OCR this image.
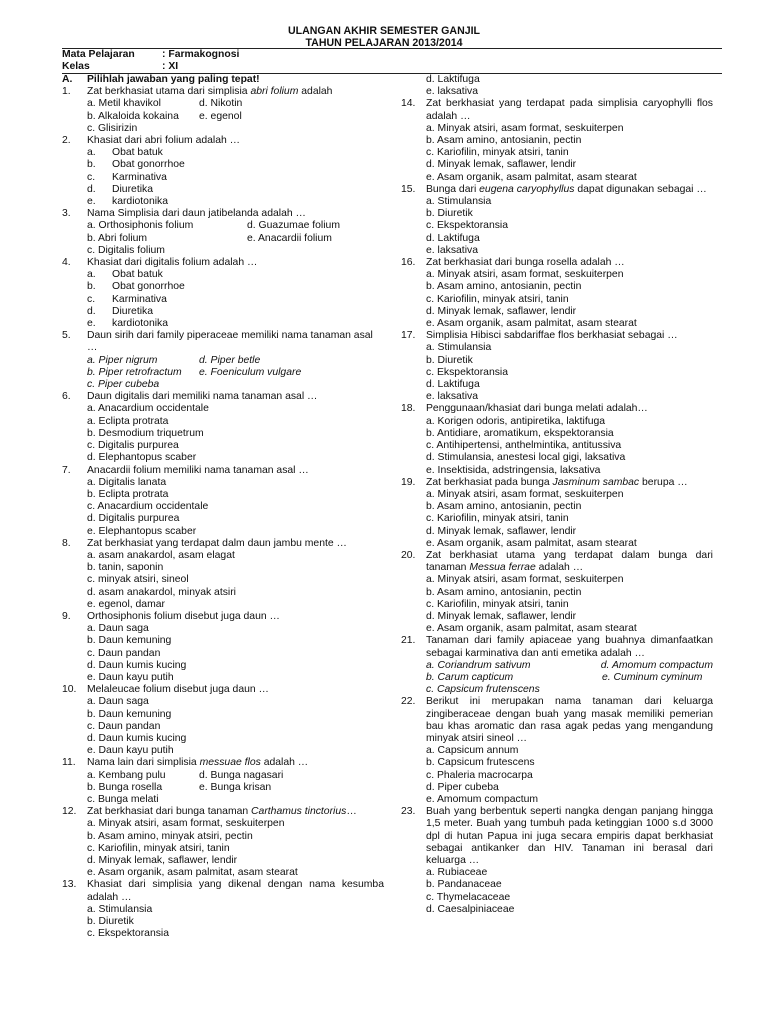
ULANGAN AKHIR SEMESTER GANJIL
TAHUN PELAJARAN 2013/2014
Mata Pelajaran	: Farmakognosi
Kelas	: XI
A. Pilihlah jawaban yang paling tepat!
1. Zat berkhasiat utama dari simplisia abri folium adalah
a. Metil khavikol	d. Nikotin
b. Alkaloida kokaina	e. egenol
c. Glisirizin
2. Khasiat dari abri folium adalah …
a. Obat batuk
b. Obat gonorrhoe
c. Karminativa
d. Diuretika
e. kardiotonika
3. Nama Simplisia dari daun jatibelanda adalah …
a. Orthosiphonis folium	d. Guazumae folium
b. Abri folium	e. Anacardii folium
c. Digitalis folium
4. Khasiat dari digitalis folium adalah …
a. Obat batuk
b. Obat gonorrhoe
c. Karminativa
d. Diuretika
e. kardiotonika
5. Daun sirih dari family piperaceae memiliki nama tanaman asal …
a. Piper nigrum	d. Piper betle
b. Piper retrofractum	e. Foeniculum vulgare
c. Piper cubeba
6. Daun digitalis dari memiliki nama tanaman asal …
a. Anacardium occidentale
a. Eclipta protrata
b. Desmodium triquetrum
c. Digitalis purpurea
d. Elephantopus scaber
7. Anacardii folium memiliki nama tanaman asal …
a. Digitalis lanata
b. Eclipta protrata
c. Anacardium occidentale
d. Digitalis purpurea
e. Elephantopus scaber
8. Zat berkhasiat yang terdapat dalm daun jambu mente …
a. asam anakardol, asam elagat
b. tanin, saponin
c. minyak atsiri, sineol
d. asam anakardol, minyak atsiri
e. egenol, damar
9. Orthosiphonis folium disebut juga daun …
a. Daun saga
b. Daun kemuning
c. Daun pandan
d. Daun kumis kucing
e. Daun kayu putih
10. Melaleucae folium disebut juga daun …
a. Daun saga
b. Daun kemuning
c. Daun pandan
d. Daun kumis kucing
e. Daun kayu putih
11. Nama lain dari simplisia messuae flos adalah …
a. Kembang pulu	d. Bunga nagasari
b. Bunga rosella	e. Bunga krisan
c. Bunga melati
12. Zat berkhasiat dari bunga tanaman Carthamus tinctorius…
a. Minyak atsiri, asam format, seskuiterpen
b. Asam amino, minyak atsiri, pectin
c. Kariofilin, minyak atsiri, tanin
d. Minyak lemak, saflawer, lendir
e. Asam organik, asam palmitat, asam stearat
13. Khasiat dari simplisia yang dikenal dengan nama kesumba adalah …
a. Stimulansia
b. Diuretik
c. Ekspektoransia
d. Laktifuga
e. laksativa
14. Zat berkhasiat yang terdapat pada simplisia caryophylli flos adalah …
a. Minyak atsiri, asam format, seskuiterpen
b. Asam amino, antosianin, pectin
c. Kariofilin, minyak atsiri, tanin
d. Minyak lemak, saflawer, lendir
e. Asam organik, asam palmitat, asam stearat
15. Bunga dari eugena caryophyllus dapat digunakan sebagai …
a. Stimulansia
b. Diuretik
c. Ekspektoransia
d. Laktifuga
e. laksativa
16. Zat berkhasiat dari bunga rosella adalah …
a. Minyak atsiri, asam format, seskuiterpen
b. Asam amino, antosianin, pectin
c. Kariofilin, minyak atsiri, tanin
d. Minyak lemak, saflawer, lendir
e. Asam organik, asam palmitat, asam stearat
17. Simplisia Hibisci sabdariffae flos berkhasiat sebagai …
a. Stimulansia
b. Diuretik
c. Ekspektoransia
d. Laktifuga
e. laksativa
18. Penggunaan/khasiat dari bunga melati adalah…
a. Korigen odoris, antipiretika, laktifuga
b. Antidiare, aromatikum, ekspektoransia
c. Antihipertensi, anthelmintika, antitussiva
d. Stimulansia, anestesi local gigi, laksativa
e. Insektisida, adstringensia, laksativa
19. Zat berkhasiat pada bunga Jasminum sambac berupa …
a. Minyak atsiri, asam format, seskuiterpen
b. Asam amino, antosianin, pectin
c. Kariofilin, minyak atsiri, tanin
d. Minyak lemak, saflawer, lendir
e. Asam organik, asam palmitat, asam stearat
20. Zat berkhasiat utama yang terdapat dalam bunga dari tanaman Messua ferrae adalah …
a. Minyak atsiri, asam format, seskuiterpen
b. Asam amino, antosianin, pectin
c. Kariofilin, minyak atsiri, tanin
d. Minyak lemak, saflawer, lendir
e. Asam organik, asam palmitat, asam stearat
21. Tanaman dari family apiaceae yang buahnya dimanfaatkan sebagai karminativa dan anti emetika adalah …
a. Coriandrum sativum	d. Amomum compactum
b. Carum capticum	e. Cuminum cyminum
c. Capsicum frutenscens
22. Berikut ini merupakan nama tanaman dari keluarga zingiberaceae dengan buah yang masak memiliki pemerian bau khas aromatic dan rasa agak pedas yang mengandung minyak atsiri sineol …
a. Capsicum annum
b. Capsicum frutescens
c. Phaleria macrocarpa
d. Piper cubeba
e. Amomum compactum
23. Buah yang berbentuk seperti nangka dengan panjang hingga 1,5 meter. Buah yang tumbuh pada ketinggian 1000 s.d 3000 dpl di hutan Papua ini juga secara empiris dapat berkhasiat sebagai antikanker dan HIV. Tanaman ini berasal dari keluarga …
a. Rubiaceae
b. Pandanaceae
c. Thymelacaceae
d. Caesalpiniaceae
